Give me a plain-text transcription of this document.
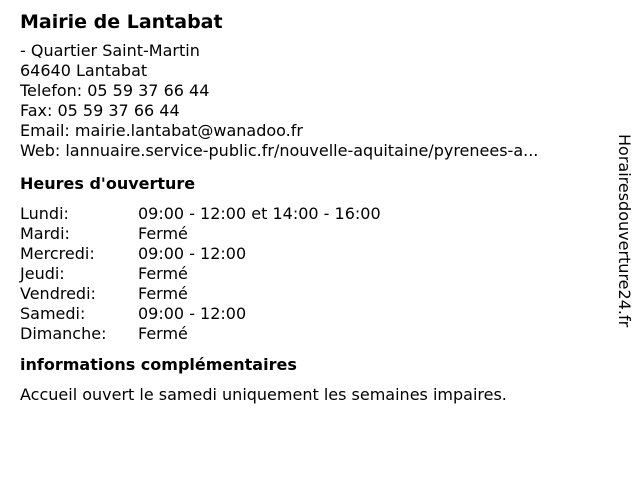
Mairie de Lantabat
- Quartier Saint-Martin
64640 Lantabat
Telefon: 05 59 37 66 44
Fax: 05 59 37 66 44
Email: mairie.lantabat@wanadoo.fr
Web: lannuaire.service-public.fr/nouvelle-aquitaine/pyrenees-a...
Heures d'ouverture
Lundi:	09:00 - 12:00 et 14:00 - 16:00
Mardi:	Fermé
Mercredi:	09:00 - 12:00
Jeudi:	Fermé
Vendredi:	Fermé
Samedi:	09:00 - 12:00
Dimanche: Fermé
informations complémentaires
Accueil ouvert le samedi uniquement les semaines impaires.
Horairesdouverture24.fr
